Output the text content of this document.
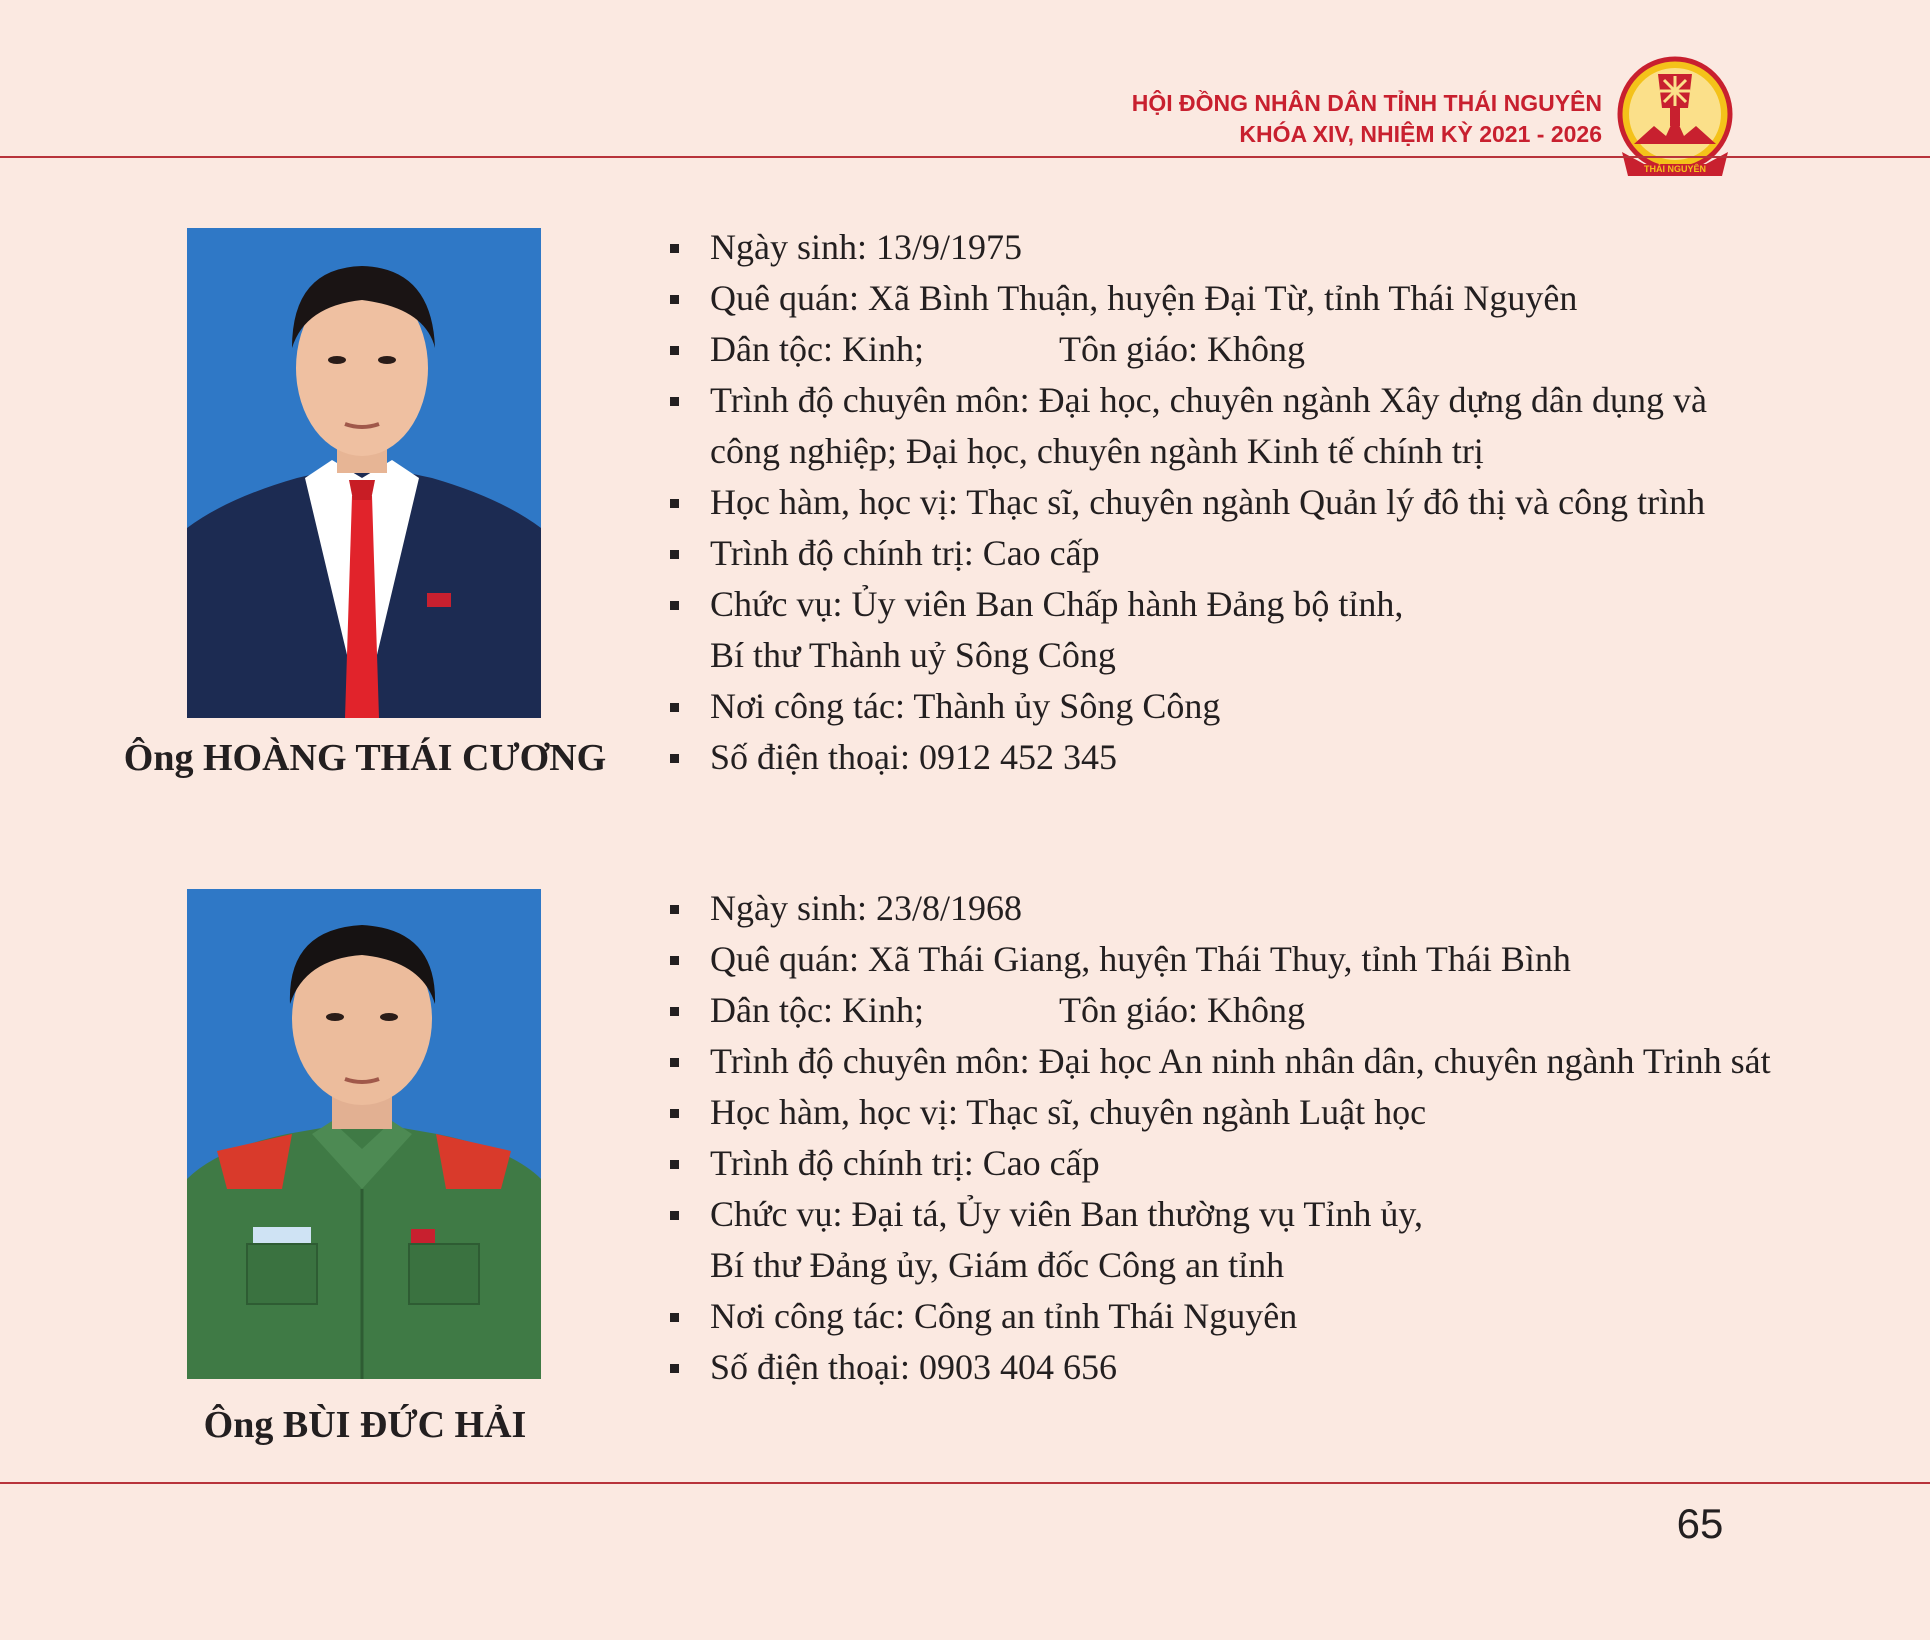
HỘI ĐỒNG NHÂN DÂN TỈNH THÁI NGUYÊN
KHÓA XIV, NHIỆM KỲ 2021 - 2026
THÁI NGUYÊN
Ông HOÀNG THÁI CƯƠNG
Ngày sinh: 13/9/1975
Quê quán: Xã Bình Thuận, huyện Đại Từ, tỉnh Thái Nguyên
Dân tộc: Kinh;	Tôn giáo: Không
Trình độ chuyên môn: Đại học, chuyên ngành Xây dựng dân dụng và
công nghiệp; Đại học, chuyên ngành Kinh tế chính trị
Học hàm, học vị: Thạc sĩ, chuyên ngành Quản lý đô thị và công trình
Trình độ chính trị: Cao cấp
Chức vụ: Ủy viên Ban Chấp hành Đảng bộ tỉnh,
Bí thư Thành uỷ Sông Công
Nơi công tác: Thành ủy Sông Công
Số điện thoại: 0912 452 345
Ông BÙI ĐỨC HẢI
Ngày sinh: 23/8/1968
Quê quán: Xã Thái Giang, huyện Thái Thuy, tỉnh Thái Bình
Dân tộc: Kinh;	Tôn giáo: Không
Trình độ chuyên môn: Đại học An ninh nhân dân, chuyên ngành Trinh sát
Học hàm, học vị: Thạc sĩ, chuyên ngành Luật học
Trình độ chính trị: Cao cấp
Chức vụ: Đại tá, Ủy viên Ban thường vụ Tỉnh ủy,
Bí thư Đảng ủy, Giám đốc Công an tỉnh
Nơi công tác: Công an tỉnh Thái Nguyên
Số điện thoại: 0903 404 656
65
